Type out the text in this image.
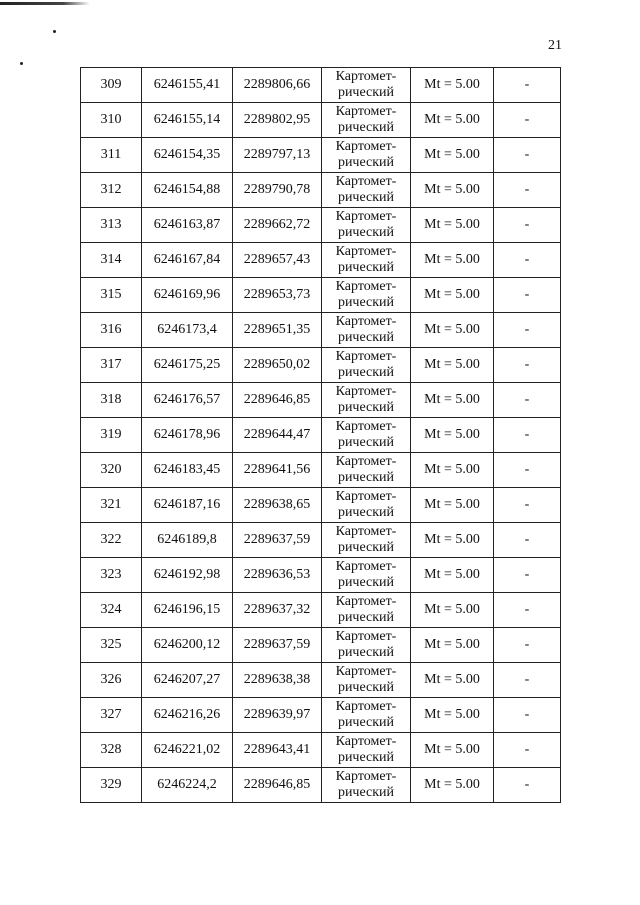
21
309	6246155,41	2289806,66	Картомет-
рический	Mt = 5.00	-
310	6246155,14	2289802,95	Картомет-
рический	Mt = 5.00	-
311	6246154,35	2289797,13	Картомет-
рический	Mt = 5.00	-
312	6246154,88	2289790,78	Картомет-
рический	Mt = 5.00	-
313	6246163,87	2289662,72	Картомет-
рический	Mt = 5.00	-
314	6246167,84	2289657,43	Картомет-
рический	Mt = 5.00	-
315	6246169,96	2289653,73	Картомет-
рический	Mt = 5.00	-
316	6246173,4	2289651,35	Картомет-
рический	Mt = 5.00	-
317	6246175,25	2289650,02	Картомет-
рический	Mt = 5.00	-
318	6246176,57	2289646,85	Картомет-
рический	Mt = 5.00	-
319	6246178,96	2289644,47	Картомет-
рический	Mt = 5.00	-
320	6246183,45	2289641,56	Картомет-
рический	Mt = 5.00	-
321	6246187,16	2289638,65	Картомет-
рический	Mt = 5.00	-
322	6246189,8	2289637,59	Картомет-
рический	Mt = 5.00	-
323	6246192,98	2289636,53	Картомет-
рический	Mt = 5.00	-
324	6246196,15	2289637,32	Картомет-
рический	Mt = 5.00	-
325	6246200,12	2289637,59	Картомет-
рический	Mt = 5.00	-
326	6246207,27	2289638,38	Картомет-
рический	Mt = 5.00	-
327	6246216,26	2289639,97	Картомет-
рический	Mt = 5.00	-
328	6246221,02	2289643,41	Картомет-
рический	Mt = 5.00	-
329	6246224,2	2289646,85	Картомет-
рический	Mt = 5.00	-
